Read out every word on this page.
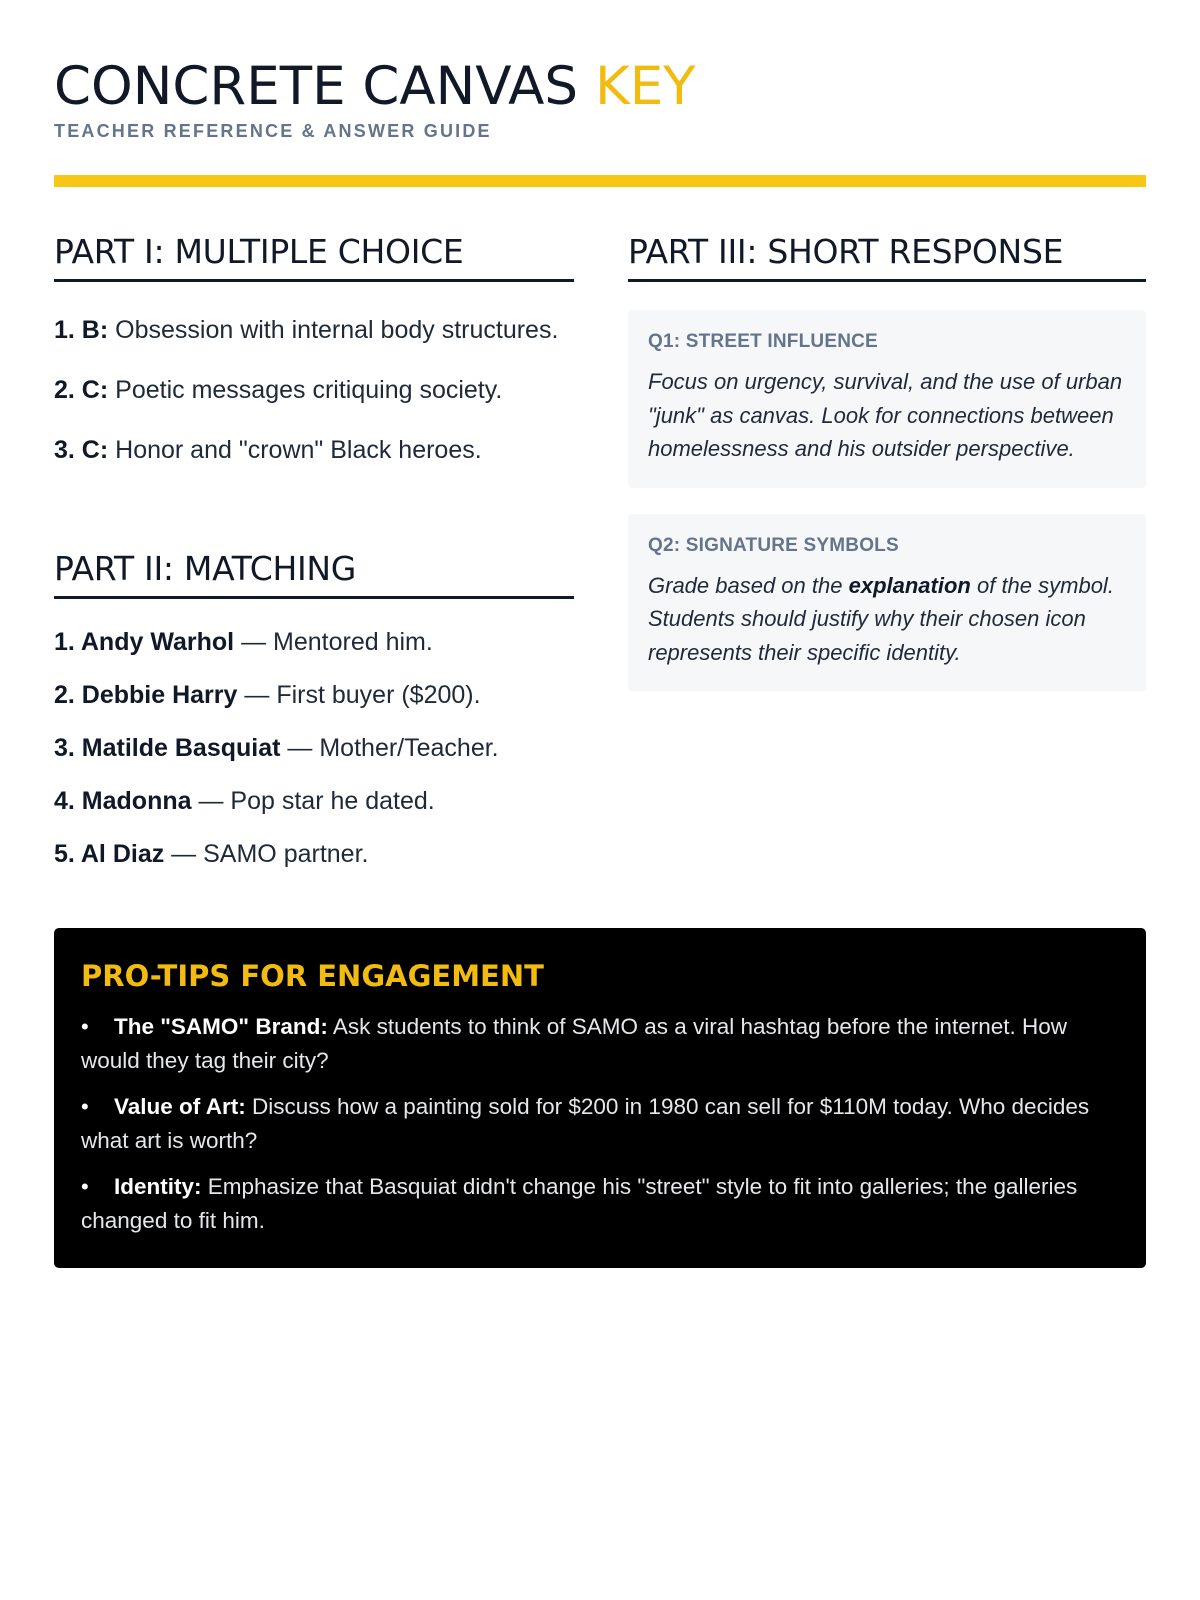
CONCRETE CANVAS KEY
TEACHER REFERENCE & ANSWER GUIDE
PART I: MULTIPLE CHOICE

1. B: Obsession with internal body structures.

2. C: Poetic messages critiquing society.

3. C: Honor and "crown" Black heroes.

PART II: MATCHING

1. Andy Warhol — Mentored him.

2. Debbie Harry — First buyer ($200).

3. Matilde Basquiat — Mother/Teacher.

4. Madonna — Pop star he dated.

5. Al Diaz — SAMO partner.

PART III: SHORT RESPONSE
Q1: STREET INFLUENCE

Focus on urgency, survival, and the use of urban "junk" as canvas. Look for connections between homelessness and his outsider perspective.

Q2: SIGNATURE SYMBOLS

Grade based on the explanation of the symbol. Students should justify why their chosen icon represents their specific identity.

PRO-TIPS FOR ENGAGEMENT
• The "SAMO" Brand: Ask students to think of SAMO as a viral hashtag before the internet. How would they tag their city?
• Value of Art: Discuss how a painting sold for $200 in 1980 can sell for $110M today. Who decides what art is worth?
• Identity: Emphasize that Basquiat didn't change his "street" style to fit into galleries; the galleries changed to fit him.
